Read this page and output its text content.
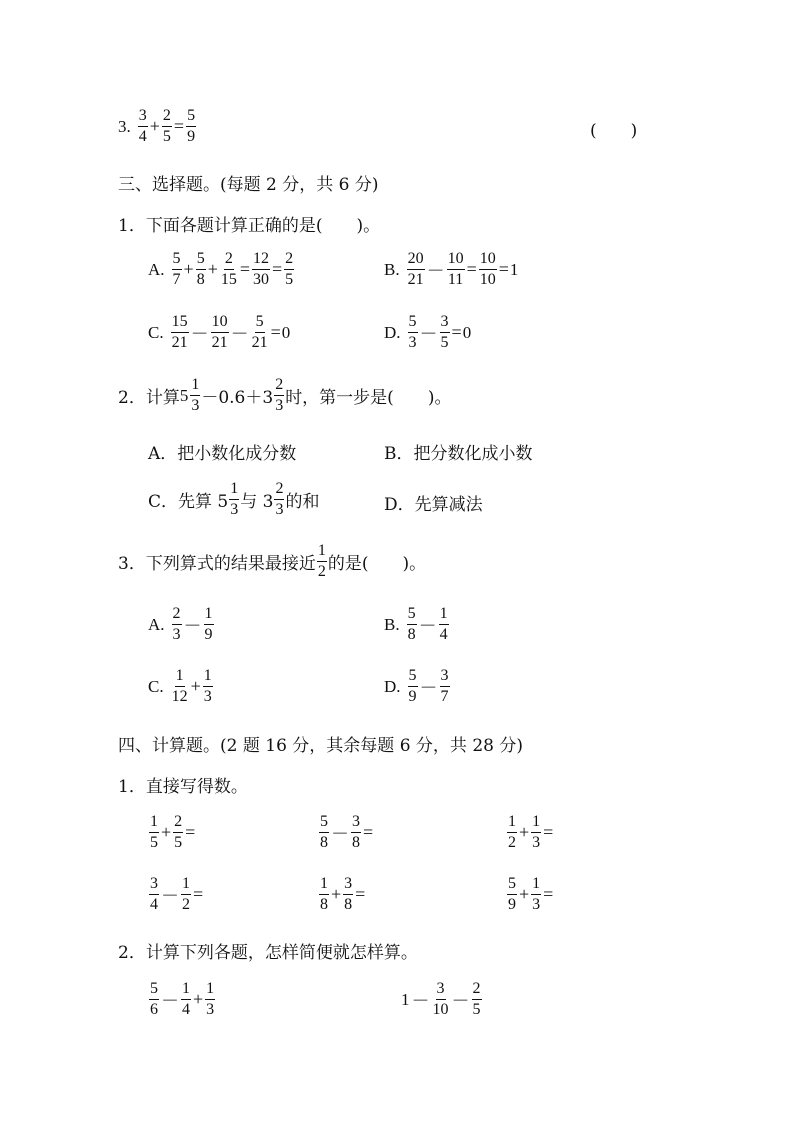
3. $\frac{3}{4} + \frac{2}{5} = \frac{5}{9}$	(　　)
三、选择题。(每题 2 分，共 6 分)
1．下面各题计算正确的是(　　)。
A. $\frac{5}{7} + \frac{5}{8} + \frac{2}{15} = \frac{12}{30} = \frac{2}{5}$	B. $\frac{20}{21} - \frac{10}{11} = \frac{10}{10} = 1$
C. $\frac{15}{21} - \frac{10}{21} - \frac{5}{21} = 0$	D. $\frac{5}{3} - \frac{3}{5} = 0$
2．计算 $5 \frac{1}{3} -0.6+3 \frac{2}{3}$ 时，第一步是(　　)。
A．把小数化成分数	B．把分数化成小数
C．先算 $5 \frac{1}{3}$ 与 $3 \frac{2}{3}$ 的和	D．先算减法
3．下列算式的结果最接近 $\frac{1}{2}$ 的是(　　)。
A. $\frac{2}{3} - \frac{1}{9}$	B. $\frac{5}{8} - \frac{1}{4}$
C. $\frac{1}{12} + \frac{1}{3}$	D. $\frac{5}{9} - \frac{3}{7}$
四、计算题。(2 题 16 分，其余每题 6 分，共 28 分)
1．直接写得数。
$\frac{1}{5} + \frac{2}{5}$ =	$\frac{5}{8} - \frac{3}{8}$ =	$\frac{1}{2} + \frac{1}{3}$ =
$\frac{3}{4} - \frac{1}{2}$ =	$\frac{1}{8} + \frac{3}{8}$ =	$\frac{5}{9} + \frac{1}{3}$ =
2．计算下列各题，怎样简便就怎样算。
$\frac{5}{6} - \frac{1}{4} + \frac{1}{3}$	$1 - \frac{3}{10} - \frac{2}{5}$
